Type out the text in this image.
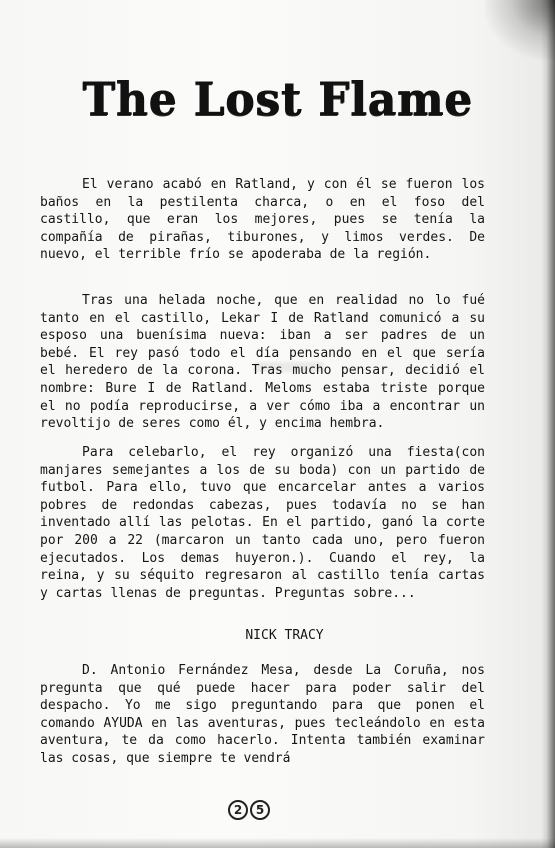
The Lost Flame

El verano acabó en Ratland, y con él se fueron los baños en la pestilenta charca, o en el foso del castillo, que eran los mejores, pues se tenía la compañía de pirañas, tiburones, y limos verdes. De nuevo, el terrible frío se apoderaba de la región.

Tras una helada noche, que en realidad no lo fué tanto en el castillo, Lekar I de Ratland comunicó a su esposo una buenísima nueva: iban a ser padres de un bebé. El rey pasó todo el día pensando en el que sería el heredero de la corona. Tras mucho pensar, decidió el nombre: Bure I de Ratland. Meloms estaba triste porque el no podía reproducirse, a ver cómo iba a encontrar un revoltijo de seres como él, y encima hembra.

Para celebarlo, el rey organizó una fiesta(con manjares semejantes a los de su boda) con un partido de futbol. Para ello, tuvo que encarcelar antes a varios pobres de redondas cabezas, pues todavía no se han inventado allí las pelotas. En el partido, ganó la corte por 200 a 22 (marcaron un tanto cada uno, pero fueron ejecutados. Los demas huyeron.). Cuando el rey, la reina, y su séquito regresaron al castillo tenía cartas y cartas llenas de preguntas. Preguntas sobre...

NICK TRACY

D. Antonio Fernández Mesa, desde La Coruña, nos pregunta que qué puede hacer para poder salir del despacho. Yo me sigo preguntando para que ponen el comando AYUDA en las aventuras, pues tecleándolo en esta aventura, te da como hacerlo. Intenta también examinar las cosas, que siempre te vendrá

2	5
